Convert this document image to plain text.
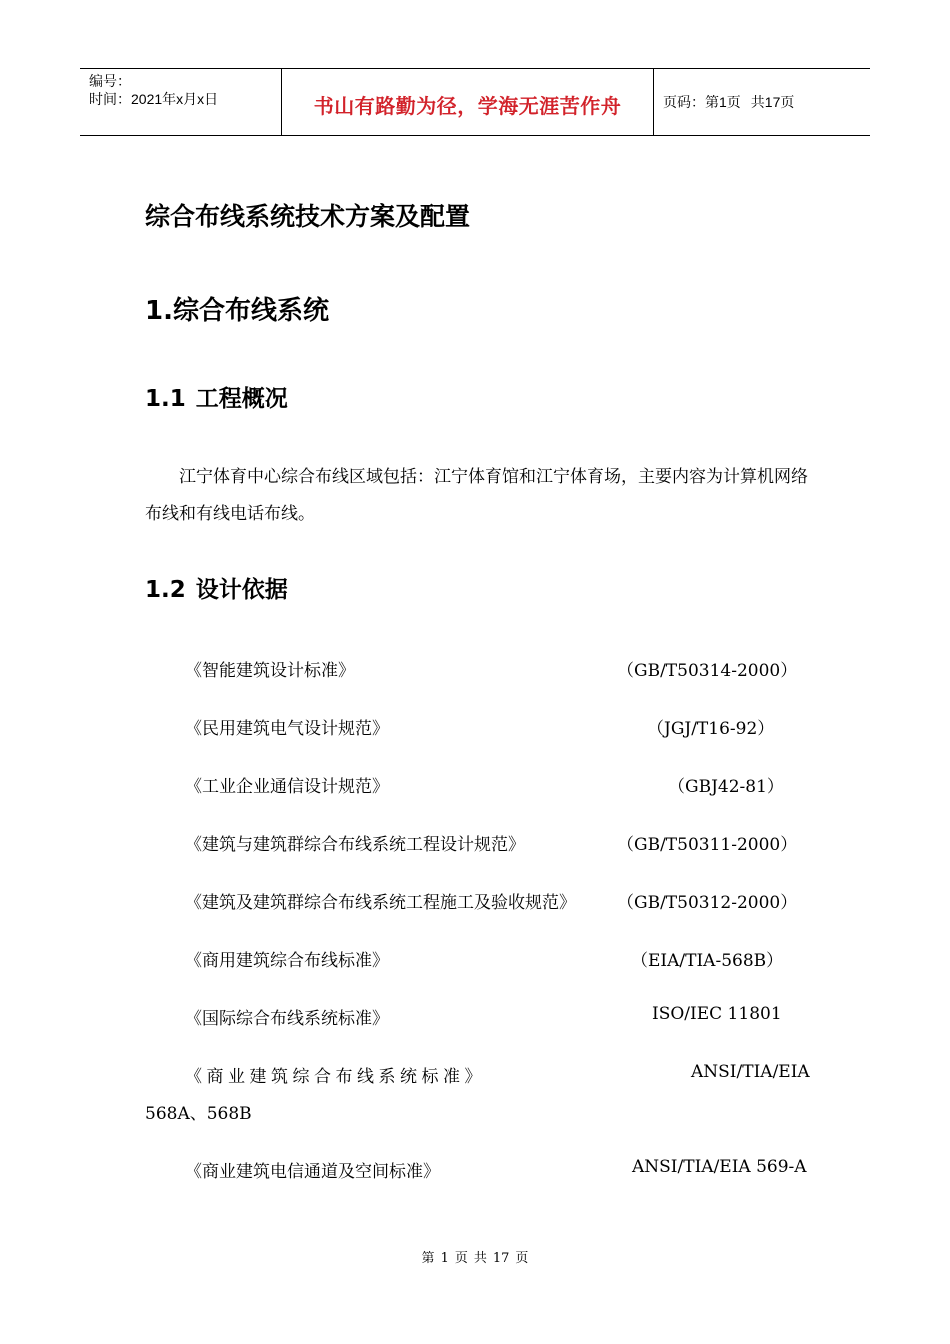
编号：
时间：2021年x月x日	书山有路勤为径，学海无涯苦作舟	页码： 第1页 共17页
综合布线系统技术方案及配置
1.综合布线系统
1.1 工程概况

江宁体育中心综合布线区域包括：江宁体育馆和江宁体育场，主要内容为计算机网络布线和有线电话布线。

1.2 设计依据
《智能建筑设计标准》	（GB/T50314-2000）
《民用建筑电气设计规范》	（JGJ/T16-92）
《工业企业通信设计规范》	（GBJ42-81）
《建筑与建筑群综合布线系统工程设计规范》	（GB/T50311-2000）
《建筑及建筑群综合布线系统工程施工及验收规范》 （GB/T50312-2000）
《商用建筑综合布线标准》	（EIA/TIA-568B）
《国际综合布线系统标准》	ISO/IEC 11801
《商业建筑综合布线系统标准》	ANSI/TIA/EIA
568A、568B
《商业建筑电信通道及空间标准》	ANSI/TIA/EIA 569-A
第 1 页 共 17 页
